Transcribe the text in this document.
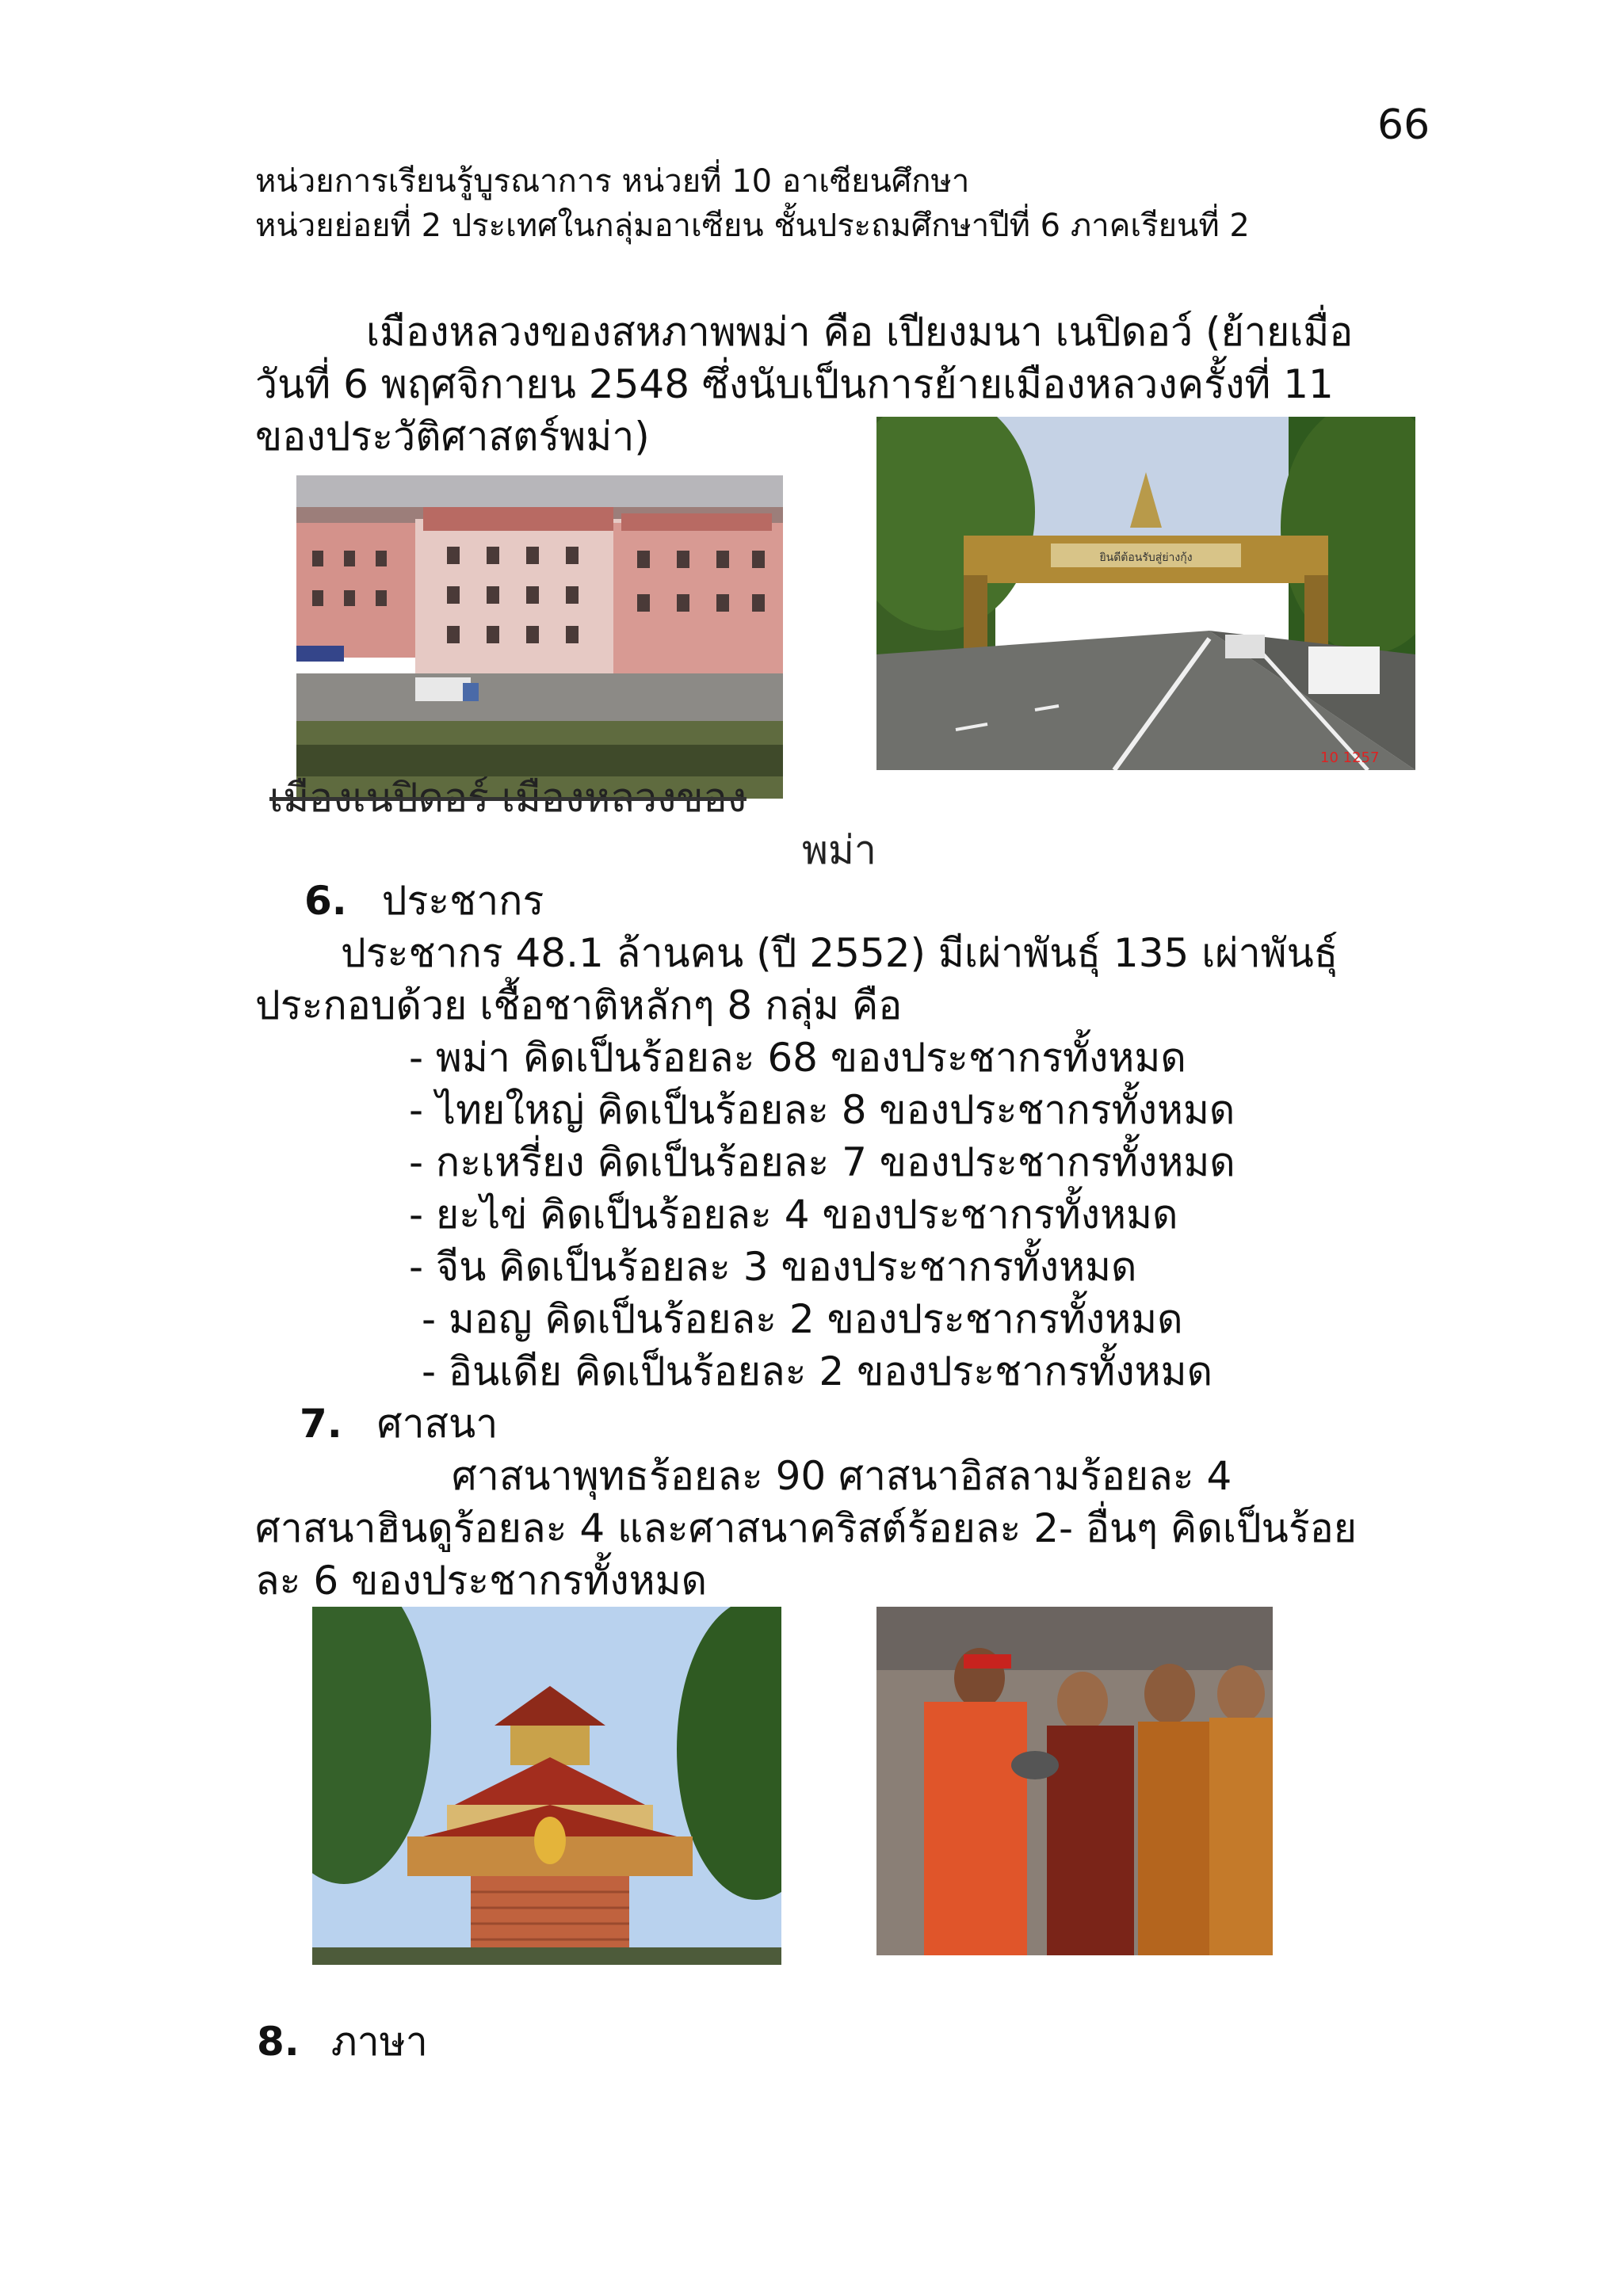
66
หน่วยการเรียนรู้บูรณาการ หน่วยที่ 10 อาเซียนศึกษา
หน่วยย่อยที่ 2 ประเทศในกลุ่มอาเซียน ชั้นประถมศึกษาปีที่ 6 ภาคเรียนที่ 2
เมืองหลวงของสหภาพพม่า คือ เปียงมนา เนปิดอว์ (ย้ายเมื่อ
วันที่ 6 พฤศจิกายน 2548 ซึ่งนับเป็นการย้ายเมืองหลวงครั้งที่ 11
ของประวัติศาสตร์พม่า)
ยินดีต้อนรับสู่ย่างกุ้ง
10 1257
เมืองเนปิดอร์ เมืองหลวงของ
พม่า
6. ประชากร
ประชากร 48.1 ล้านคน (ปี 2552) มีเผ่าพันธุ์ 135 เผ่าพันธุ์
ประกอบด้วย เชื้อชาติหลักๆ 8 กลุ่ม คือ
- พม่า คิดเป็นร้อยละ 68 ของประชากรทั้งหมด
- ไทยใหญ่ คิดเป็นร้อยละ 8 ของประชากรทั้งหมด
- กะเหรี่ยง คิดเป็นร้อยละ 7 ของประชากรทั้งหมด
- ยะไข่ คิดเป็นร้อยละ 4 ของประชากรทั้งหมด
- จีน คิดเป็นร้อยละ 3 ของประชากรทั้งหมด
- มอญ คิดเป็นร้อยละ 2 ของประชากรทั้งหมด
- อินเดีย คิดเป็นร้อยละ 2 ของประชากรทั้งหมด
7. ศาสนา
ศาสนาพุทธร้อยละ 90 ศาสนาอิสลามร้อยละ 4
ศาสนาฮินดูร้อยละ 4 และศาสนาคริสต์ร้อยละ 2- อื่นๆ คิดเป็นร้อย
ละ 6 ของประชากรทั้งหมด
8. ภาษา
